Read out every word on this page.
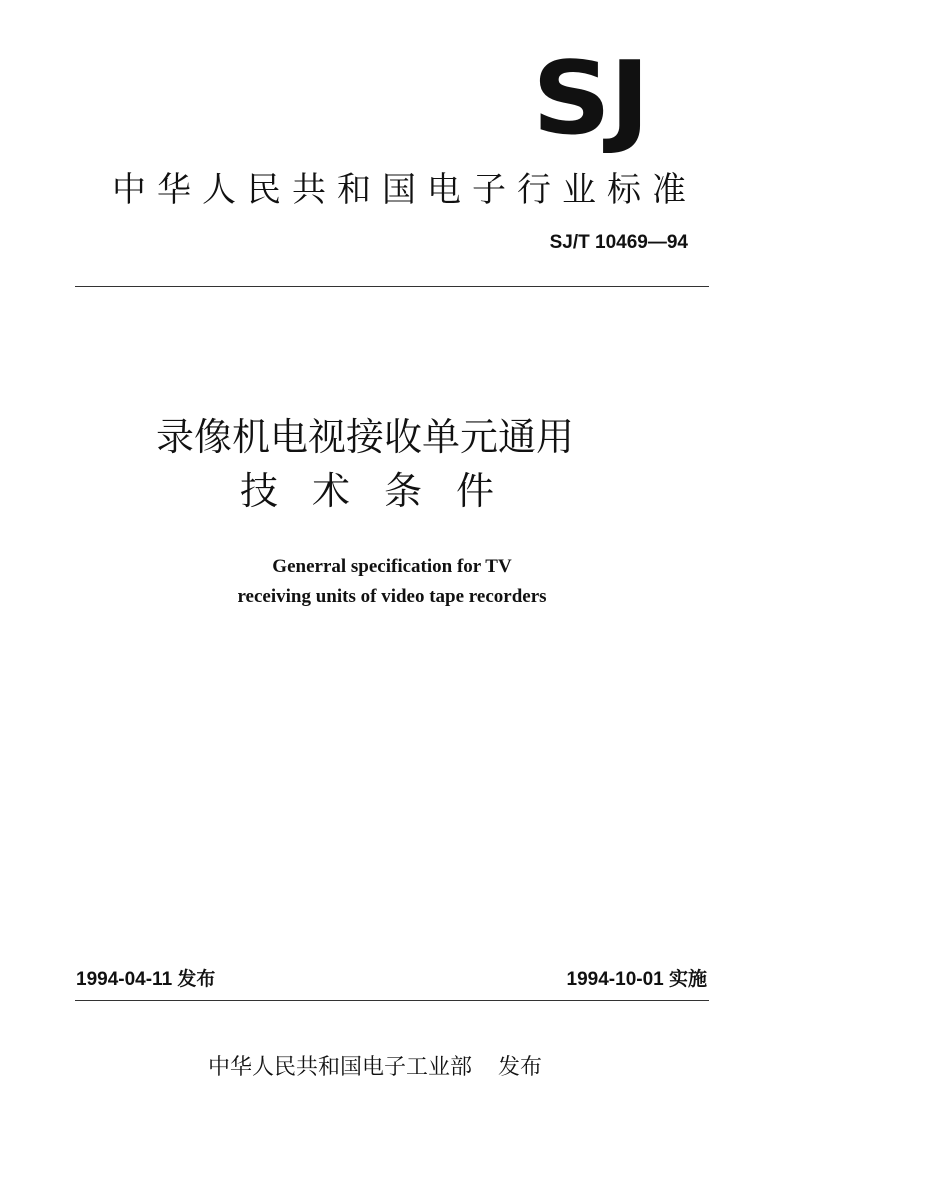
SJ
中华人民共和国电子行业标准
SJ/T 10469—94
录像机电视接收单元通用
技术条件
Generral specification for TV
receiving units of videо tape recorders
1994-04-11 发布	1994-10-01 实施
中华人民共和国电子工业部 发布
